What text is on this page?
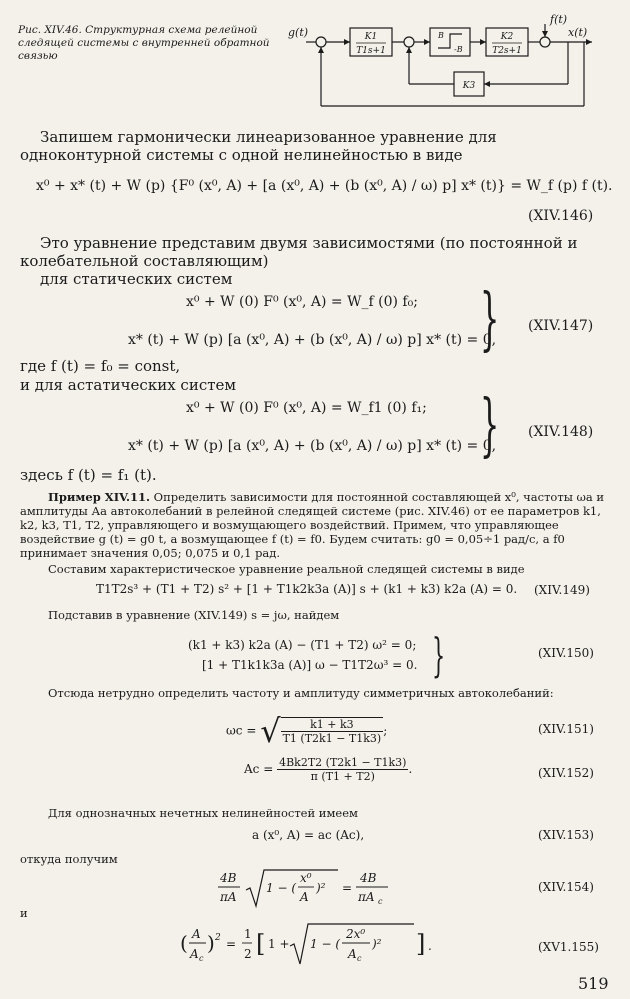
Рис. XIV.46. Структурная схема релейной следящей системы с внутренней обратной связью
g(t)
f(t)
x(t)
K1
T1s+1
B
-B
K2
T2s+1
K3
Запишем гармонически линеаризованное уравнение для одноконтурной системы с одной нелинейностью в виде
x⁰ + x* (t) + W (p) {F⁰ (x⁰, A) + [a (x⁰, A) + (b (x⁰, A) / ω) p] x* (t)} = W_f (p) f (t).
(XIV.146)
Это уравнение представим двумя зависимостями (по постоянной и колебательной составляющим)
для статических систем
x⁰ + W (0) F⁰ (x⁰, A) = W_f (0) f₀;
x* (t) + W (p) [a (x⁰, A) + (b (x⁰, A) / ω) p] x* (t) = 0,
} (XIV.147)
где f (t) = f₀ = const,
и для астатических систем
x⁰ + W (0) F⁰ (x⁰, A) = W_f1 (0) f₁;
x* (t) + W (p) [a (x⁰, A) + (b (x⁰, A) / ω) p] x* (t) = 0,
} (XIV.148)
здесь f (t) = f₁ (t).
Пример XIV.11. Определить зависимости для постоянной составляющей x⁰, частоты ωа и амплитуды Аа автоколебаний в релейной следящей системе (рис. XIV.46) от ее параметров k1, k2, k3, T1, T2, управляющего и возмущающего воздействий. Примем, что управляющее воздействие g (t) = g0 t, а возмущающее f (t) = f0. Будем считать: g0 = 0,05÷1 рад/с, а f0 принимает значения 0,05; 0,075 и 0,1 рад.
Составим характеристическое уравнение реальной следящей системы в виде
T1T2s³ + (T1 + T2) s² + [1 + T1k2k3a (A)] s + (k1 + k3) k2a (A) = 0. (XIV.149)
Подставив в уравнение (XIV.149) s = jω, найдем
(k1 + k3) k2a (A) − (T1 + T2) ω² = 0;
[1 + T1k1k3a (A)] ω − T1T2ω³ = 0. }	(XIV.150)
Отсюда нетрудно определить частоту и амплитуду симметричных автоколебаний:
ωc = √ $\frac{k1 + k3}{T1 (T2k1 - T1k3)}$ ;	(XIV.151)
$Ac = \frac{4Bk2T2 (T2k1 - T1k3)}{\pi (T1 + T2)}$ .	(XIV.152)
Для однозначных нечетных нелинейностей имеем
a (x⁰, A) = ac (Ac),	(XIV.153)
откуда получим
4B
πA
1 − (
x⁰
A
)² =
4B
πA c
(XIV.154)
и
( A
A c
) 2 =
1
2 [ 1 + 1 − (
2x⁰
A c
)² ] .	(XV1.155)
519
